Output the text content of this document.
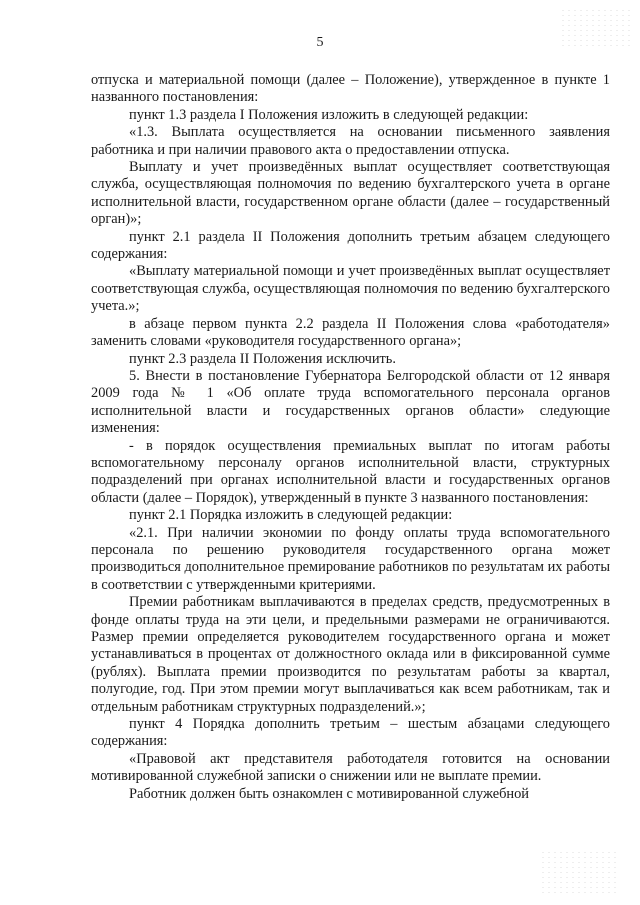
5

отпуска и материальной помощи (далее – Положение), утвержденное в пункте 1 названного постановления:

пункт 1.3 раздела I Положения изложить в следующей редакции:

«1.3. Выплата осуществляется на основании письменного заявления работника и при наличии правового акта о предоставлении отпуска.

Выплату и учет произведённых выплат осуществляет соответствующая служба, осуществляющая полномочия по ведению бухгалтерского учета в органе исполнительной власти, государственном органе области (далее – государственный орган)»;

пункт 2.1 раздела II Положения дополнить третьим абзацем следующего содержания:

«Выплату материальной помощи и учет произведённых выплат осуществляет соответствующая служба, осуществляющая полномочия по ведению бухгалтерского учета.»;

в абзаце первом пункта 2.2 раздела II Положения слова «работодателя» заменить словами «руководителя государственного органа»;

пункт 2.3 раздела II Положения исключить.

5. Внести в постановление Губернатора Белгородской области от 12 января 2009 года № 1 «Об оплате труда вспомогательного персонала органов исполнительной власти и государственных органов области» следующие изменения:

- в порядок осуществления премиальных выплат по итогам работы вспомогательному персоналу органов исполнительной власти, структурных подразделений при органах исполнительной власти и государственных органов области (далее – Порядок), утвержденный в пункте 3 названного постановления:

пункт 2.1 Порядка изложить в следующей редакции:

«2.1. При наличии экономии по фонду оплаты труда вспомогательного персонала по решению руководителя государственного органа может производиться дополнительное премирование работников по результатам их работы в соответствии с утвержденными критериями.

Премии работникам выплачиваются в пределах средств, предусмотренных в фонде оплаты труда на эти цели, и предельными размерами не ограничиваются. Размер премии определяется руководителем государственного органа и может устанавливаться в процентах от должностного оклада или в фиксированной сумме (рублях). Выплата премии производится по результатам работы за квартал, полугодие, год. При этом премии могут выплачиваться как всем работникам, так и отдельным работникам структурных подразделений.»;

пункт 4 Порядка дополнить третьим – шестым абзацами следующего содержания:

«Правовой акт представителя работодателя готовится на основании мотивированной служебной записки о снижении или не выплате премии.

Работник должен быть ознакомлен с мотивированной служебной
